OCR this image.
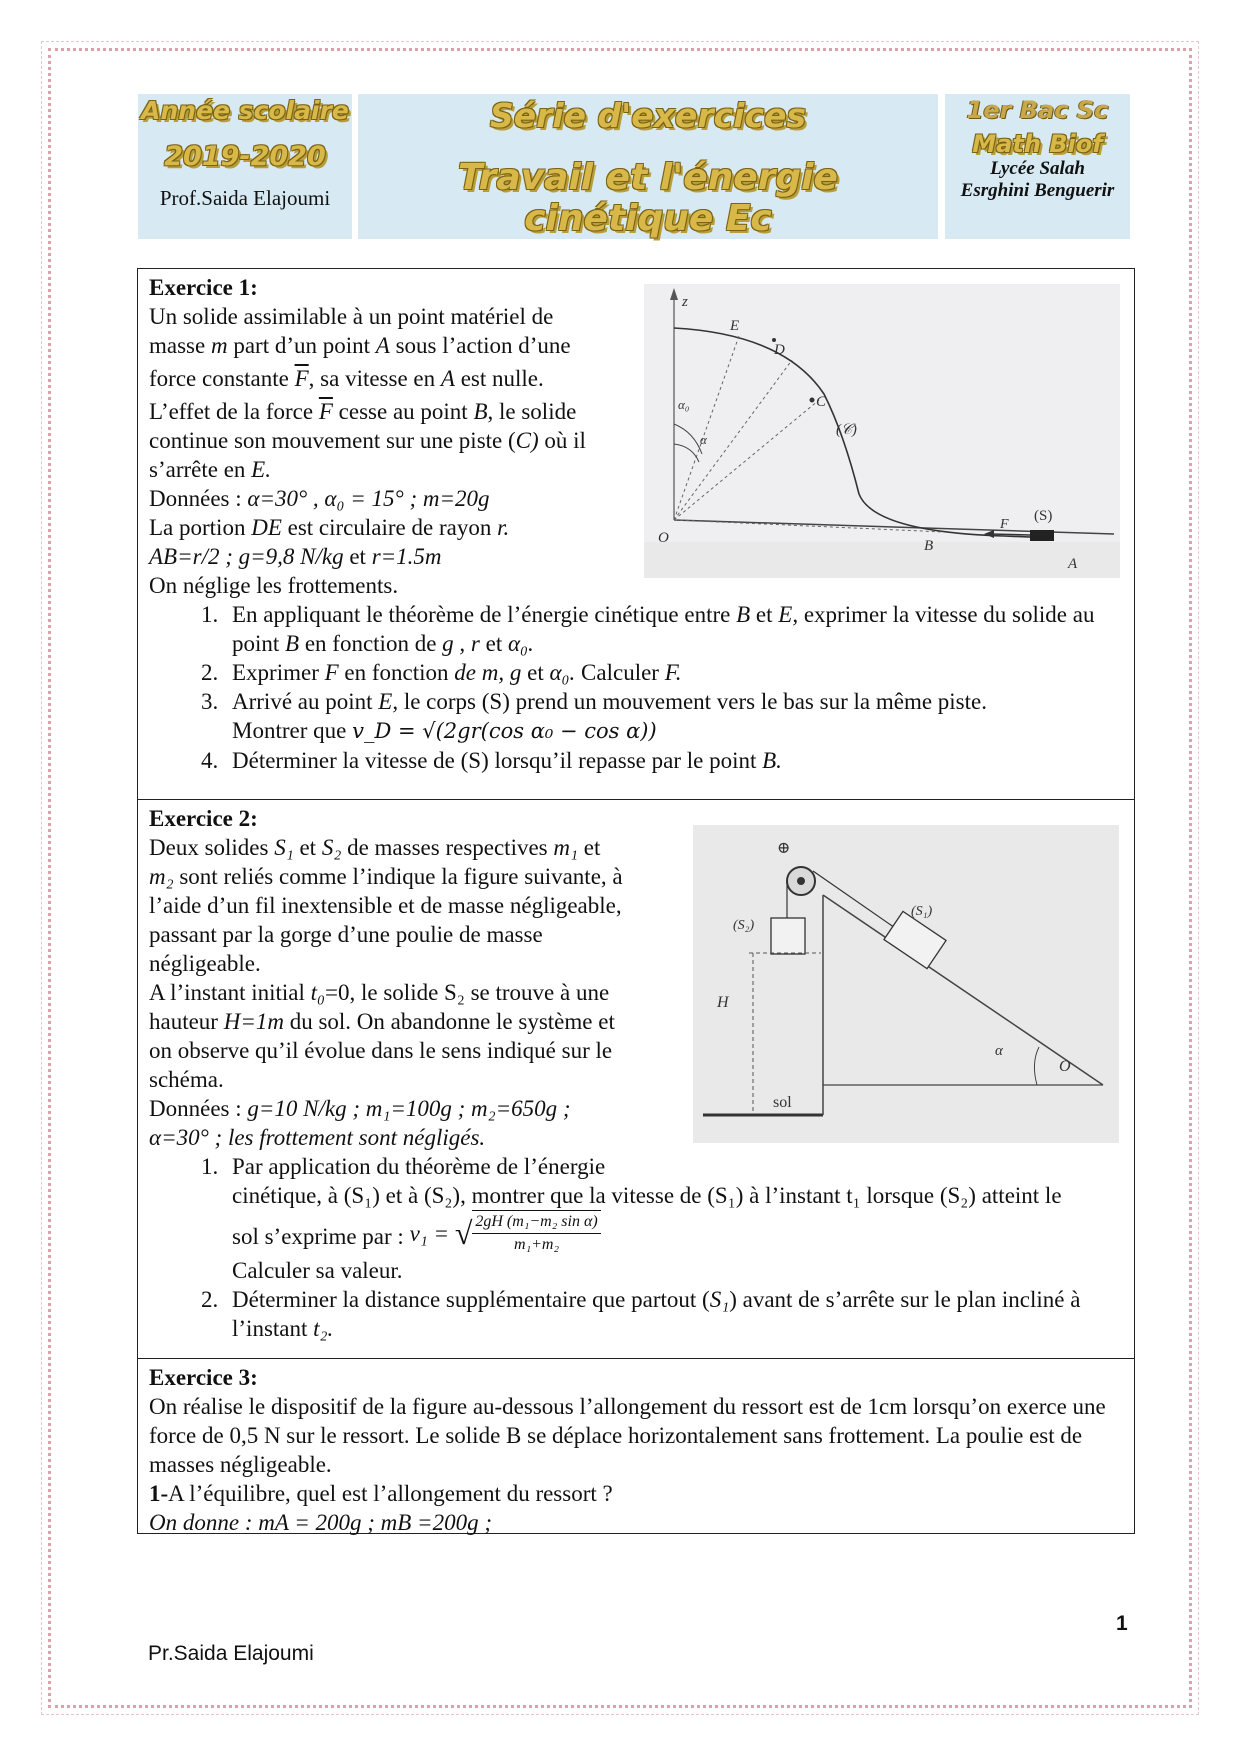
Année scolaire
2019-2020
Prof.Saida Elajoumi
Série d'exercices
Travail et l'énergie cinétique Ec
1er Bac Sc
Math Biof
Lycée Salah
Esrghini Benguerir
Exercice 1:
Un solide assimilable à un point matériel de
masse m part d’un point A sous l’action d’une
force constante $\overline{F}$, sa vitesse en A est nulle.
L’effet de la force $\overline{F}$ cesse au point B, le solide
continue son mouvement sur une piste (C) où il
s’arrête en E.
Données : α=30° , α₀ = 15° ; m=20g
La portion DE est circulaire de rayon r.
AB=r/2 ; g=9,8 N/kg et r=1.5m
On néglige les frottements.
1. En appliquant le théorème de l’énergie cinétique entre B et E, exprimer la vitesse du solide au point B en fonction de g , r et α₀.
2. Exprimer F en fonction de m, g et α₀. Calculer F.
3. Arrivé au point E, le corps (S) prend un mouvement vers le bas sur la même piste.
Montrer que v_D = √(2gr(cos α₀ − cos α))
4. Déterminer la vitesse de (S) lorsqu’il repasse par le point B.
z
E
D
C
(𝒞)
α₀
α
O	B
F
(S)
A
Exercice 2:
Deux solides S₁ et S₂ de masses respectives m₁ et
m₂ sont reliés comme l’indique la figure suivante, à
l’aide d’un fil inextensible et de masse négligeable,
passant par la gorge d’une poulie de masse
négligeable.
A l’instant initial t₀=0, le solide S₂ se trouve à une
hauteur H=1m du sol. On abandonne le système et
on observe qu’il évolue dans le sens indiqué sur le
schéma.
Données : g=10 N/kg ; m₁=100g ; m₂=650g ;
α=30° ; les frottement sont négligés.
1. Par application du théorème de l’énergie
cinétique, à (S₁) et à (S₂), montrer que la vitesse de (S₁) à l’instant t₁ lorsque (S₂) atteint le
sol s’exprime par : v₁ = √ $\frac{\text{2gH (m₁−m₂ sin α)}}{\text{m₁+m₂}}$

Calculer sa valeur.
2. Déterminer la distance supplémentaire que partout (S₁) avant de s’arrête sur le plan incliné à l’instant t₂.
⊕
(S₂)
(S₁)
H
α
O
sol
Exercice 3:
On réalise le dispositif de la figure au-dessous l’allongement du ressort est de 1cm lorsqu’on exerce une force de 0,5 N sur le ressort. Le solide B se déplace horizontalement sans frottement. La poulie est de masses négligeable.
1-A l’équilibre, quel est l’allongement du ressort ?
On donne : mA = 200g ; mB =200g ;
1
Pr.Saida Elajoumi
